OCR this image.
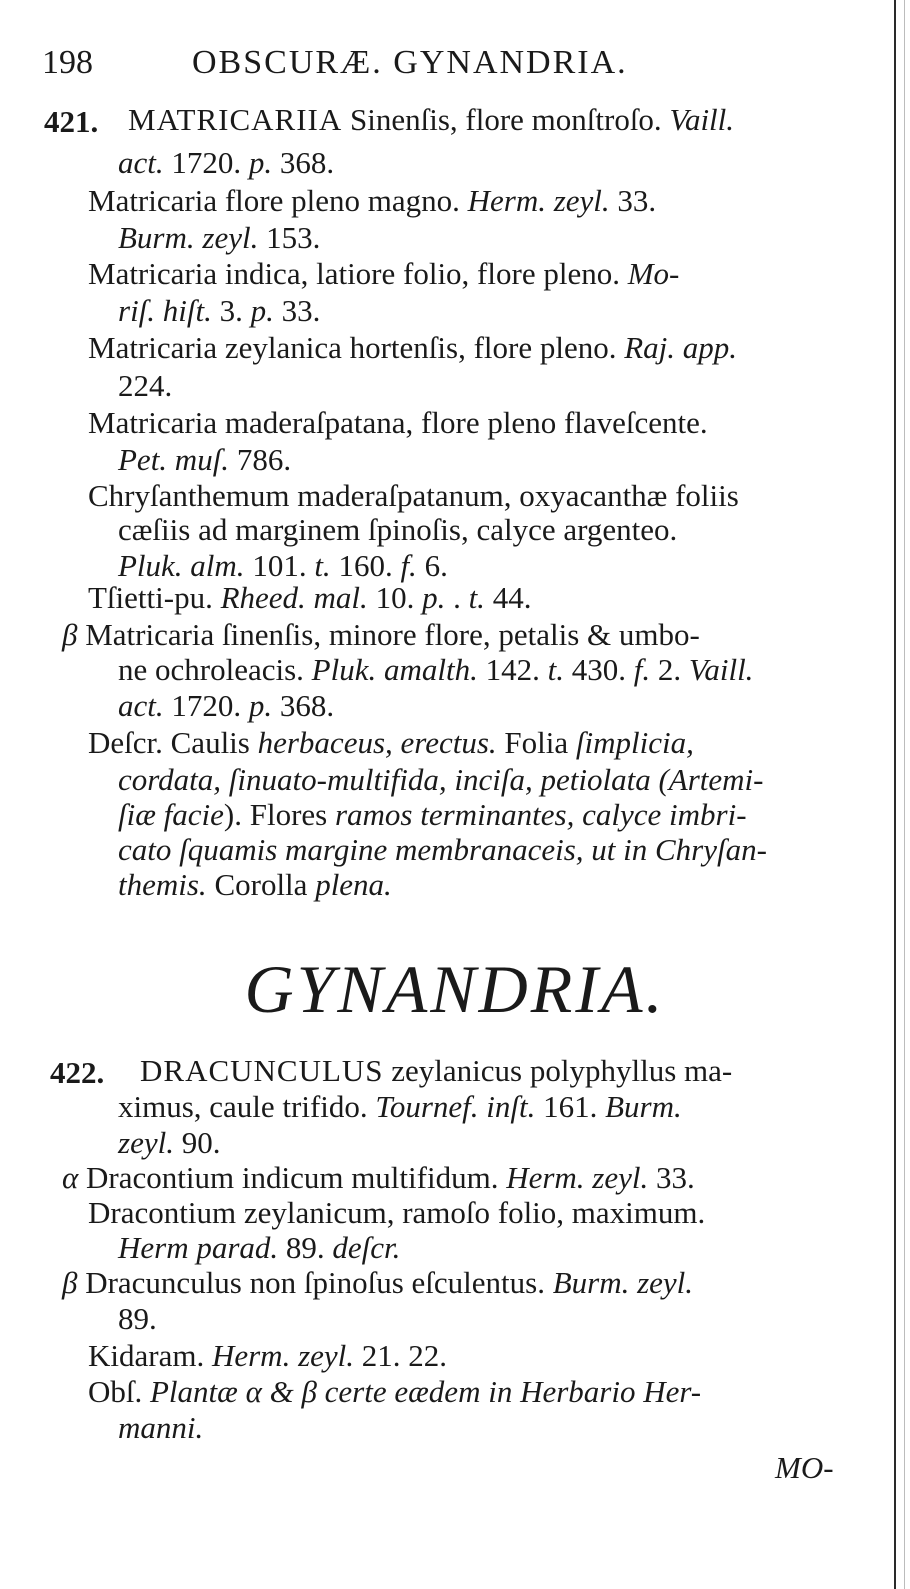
198	OBSCURÆ. GYNANDRIA.
421. MATRICARIIA Sinenſis, flore monſtroſo. Vaill.
act. 1720. p. 368.
Matricaria flore pleno magno. Herm. zeyl. 33.
Burm. zeyl. 153.
Matricaria indica, latiore folio, flore pleno. Mo-
riſ. hiſt. 3. p. 33.
Matricaria zeylanica hortenſis, flore pleno. Raj. app.
224.
Matricaria maderaſpatana, flore pleno flaveſcente.
Pet. muſ. 786.
Chryſanthemum maderaſpatanum, oxyacanthæ foliis
cæſiis ad marginem ſpinoſis, calyce argenteo.
Pluk. alm. 101. t. 160. f. 6.
Tſietti-pu. Rheed. mal. 10. p. . t. 44.
β Matricaria ſinenſis, minore flore, petalis & umbo-
ne ochroleacis. Pluk. amalth. 142. t. 430. f. 2. Vaill.
act. 1720. p. 368.
Deſcr. Caulis herbaceus, erectus. Folia ſimplicia,
cordata, ſinuato-multifida, inciſa, petiolata (Artemi-
ſiæ facie). Flores ramos terminantes, calyce imbri-
cato ſquamis margine membranaceis, ut in Chryſan-
themis. Corolla plena.
GYNANDRIA.
422. DRACUNCULUS zeylanicus polyphyllus ma-
ximus, caule trifido. Tournef. inſt. 161. Burm.
zeyl. 90.
α Dracontium indicum multifidum. Herm. zeyl. 33.
Dracontium zeylanicum, ramoſo folio, maximum.
Herm parad. 89. deſcr.
β Dracunculus non ſpinoſus eſculentus. Burm. zeyl.
89.
Kidaram. Herm. zeyl. 21. 22.
Obſ. Plantæ α & β certe eædem in Herbario Her-
manni.
MO-
